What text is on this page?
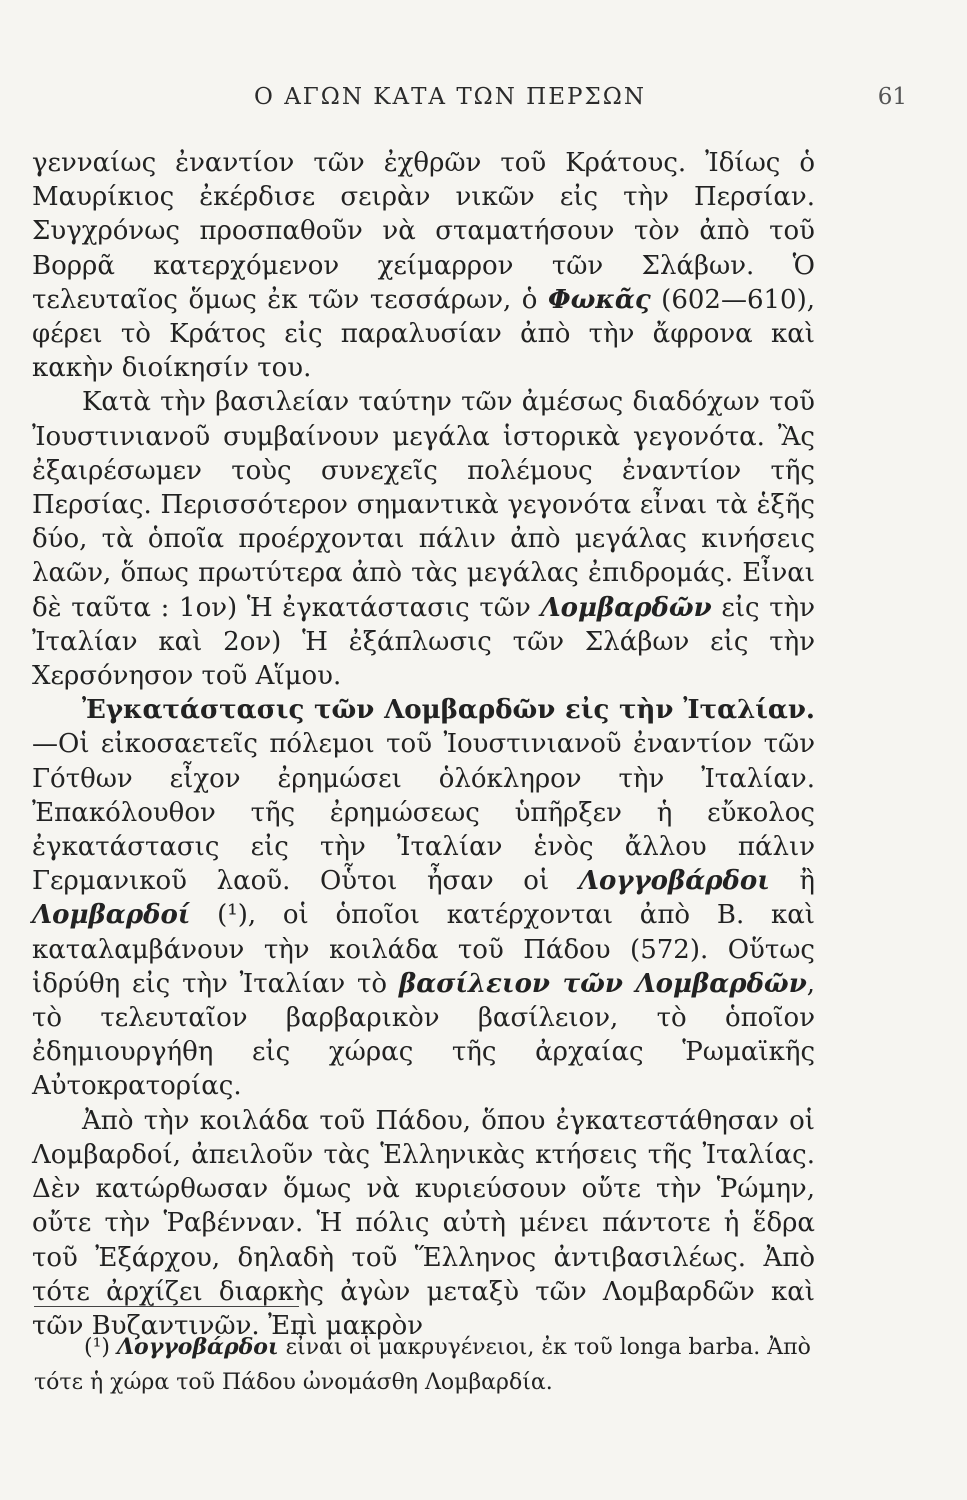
Ο ΑΓΩΝ ΚΑΤΑ ΤΩΝ ΠΕΡΣΩΝ	61

γενναίως ἐναντίον τῶν ἐχθρῶν τοῦ Κράτους. Ἰδίως ὁ Μαυρίκιος ἐκέρδισε σειρὰν νικῶν εἰς τὴν Περσίαν. Συγχρόνως προσπαθοῦν νὰ σταματήσουν τὸν ἀπὸ τοῦ Βορρᾶ κατερχόμενον χείμαρρον τῶν Σλάβων. Ὁ τελευταῖος ὅμως ἐκ τῶν τεσσάρων, ὁ Φωκᾶς (602—610), φέρει τὸ Κράτος εἰς παραλυσίαν ἀπὸ τὴν ἄφρονα καὶ κακὴν διοίκησίν του.

Κατὰ τὴν βασιλείαν ταύτην τῶν ἀμέσως διαδόχων τοῦ Ἰουστινιανοῦ συμβαίνουν μεγάλα ἱστορικὰ γεγονότα. Ἂς ἐξαιρέσωμεν τοὺς συνεχεῖς πολέμους ἐναντίον τῆς Περσίας. Περισσότερον σημαντικὰ γεγονότα εἶναι τὰ ἑξῆς δύο, τὰ ὁποῖα προέρχονται πάλιν ἀπὸ μεγάλας κινήσεις λαῶν, ὅπως πρωτύτερα ἀπὸ τὰς μεγάλας ἐπιδρομάς. Εἶναι δὲ ταῦτα : 1ον) Ἡ ἐγκατάστασις τῶν Λομβαρδῶν εἰς τὴν Ἰταλίαν καὶ 2ον) Ἡ ἐξάπλωσις τῶν Σλάβων εἰς τὴν Χερσόνησον τοῦ Αἵμου.

Ἐγκατάστασις τῶν Λομβαρδῶν εἰς τὴν Ἰταλίαν.—Οἱ εἰκοσαετεῖς πόλεμοι τοῦ Ἰουστινιανοῦ ἐναντίον τῶν Γότθων εἶχον ἐρημώσει ὁλόκληρον τὴν Ἰταλίαν. Ἐπακόλουθον τῆς ἐρημώσεως ὑπῆρξεν ἡ εὔκολος ἐγκατάστασις εἰς τὴν Ἰταλίαν ἑνὸς ἄλλου πάλιν Γερμανικοῦ λαοῦ. Οὗτοι ἦσαν οἱ Λογγοβάρδοι ἢ Λομβαρδοί (¹), οἱ ὁποῖοι κατέρχονται ἀπὸ Β. καὶ καταλαμβάνουν τὴν κοιλάδα τοῦ Πάδου (572). Οὕτως ἱδρύθη εἰς τὴν Ἰταλίαν τὸ βασίλειον τῶν Λομβαρδῶν, τὸ τελευταῖον βαρβαρικὸν βασίλειον, τὸ ὁποῖον ἐδημιουργήθη εἰς χώρας τῆς ἀρχαίας Ῥωμαϊκῆς Αὐτοκρατορίας.

Ἀπὸ τὴν κοιλάδα τοῦ Πάδου, ὅπου ἐγκατεστάθησαν οἱ Λομβαρδοί, ἀπειλοῦν τὰς Ἑλληνικὰς κτήσεις τῆς Ἰταλίας. Δὲν κατώρθωσαν ὅμως νὰ κυριεύσουν οὔτε τὴν Ῥώμην, οὔτε τὴν Ῥαβένναν. Ἡ πόλις αὐτὴ μένει πάντοτε ἡ ἕδρα τοῦ Ἐξάρχου, δηλαδὴ τοῦ Ἕλληνος ἀντιβασιλέως. Ἀπὸ τότε ἀρχίζει διαρκὴς ἀγὼν μεταξὺ τῶν Λομβαρδῶν καὶ τῶν Βυζαντινῶν. Ἐπὶ μακρὸν

(¹) Λογγοβάρδοι εἶναι οἱ μακρυγένειοι, ἐκ τοῦ longa barba. Ἀπὸ τότε ἡ χώρα τοῦ Πάδου ὠνομάσθη Λομβαρδία.
